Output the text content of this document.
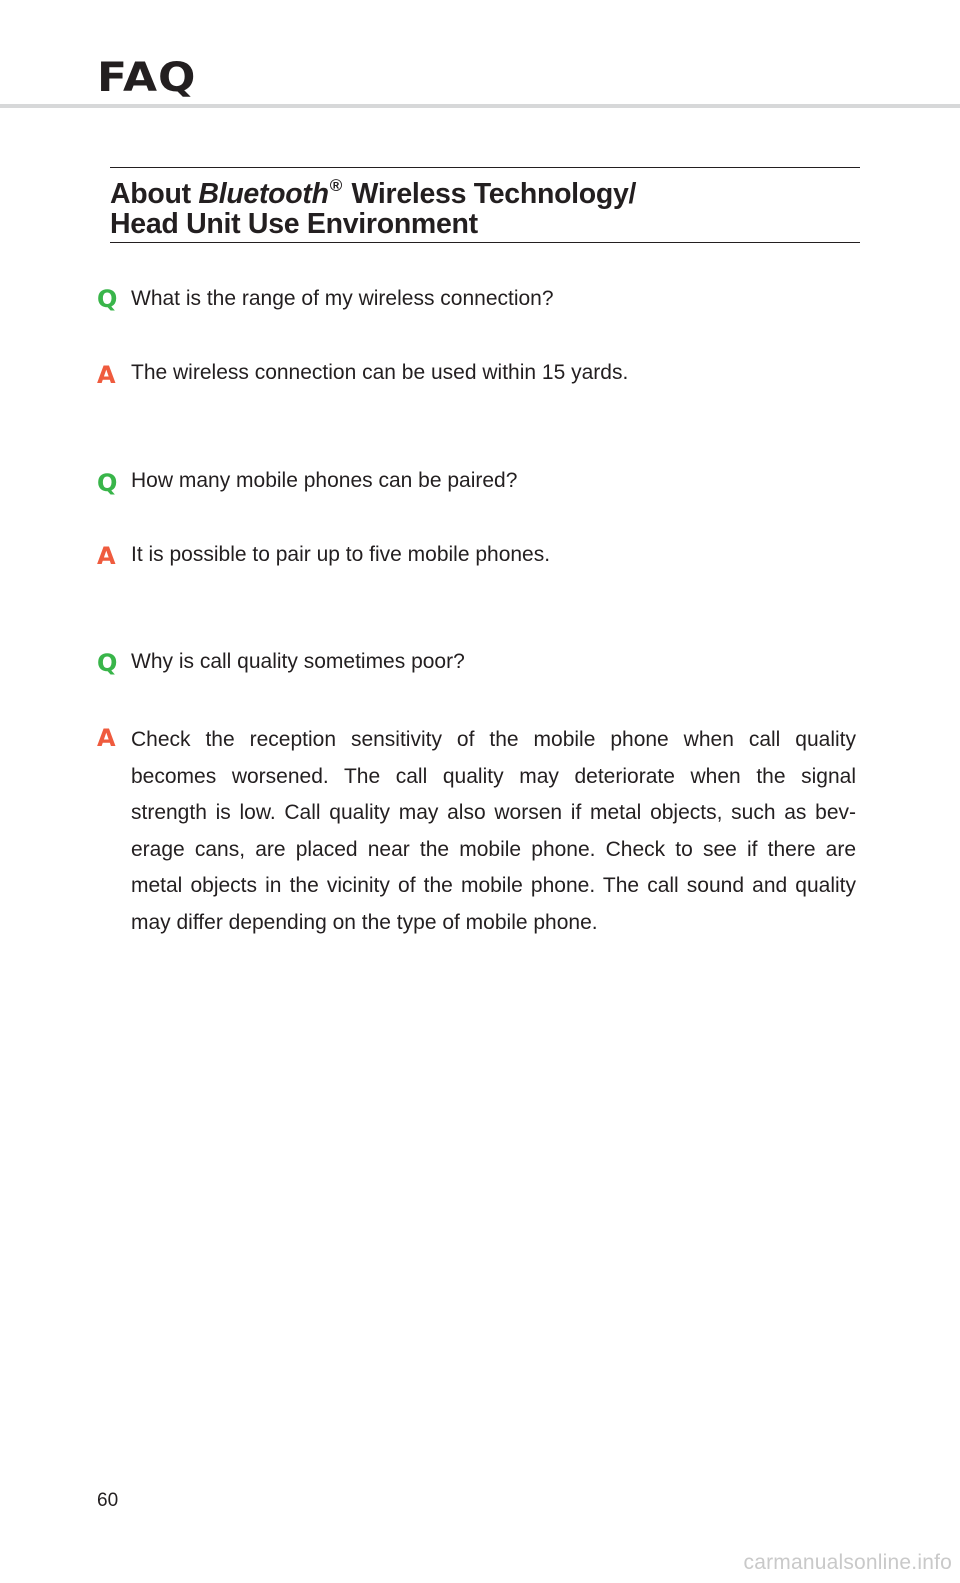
FAQ
About Bluetooth® Wireless Technology/
Head Unit Use Environment
Q What is the range of my wireless connection?
A The wireless connection can be used within 15 yards.
Q How many mobile phones can be paired?
A It is possible to pair up to five mobile phones.
Q Why is call quality sometimes poor?
A Check the reception sensitivity of the mobile phone when call quality
becomes worsened. The call quality may deteriorate when the signal
strength is low. Call quality may also worsen if metal objects, such as bev-
erage cans, are placed near the mobile phone. Check to see if there are
metal objects in the vicinity of the mobile phone. The call sound and quality
may differ depending on the type of mobile phone.
60
carmanualsonline.info
